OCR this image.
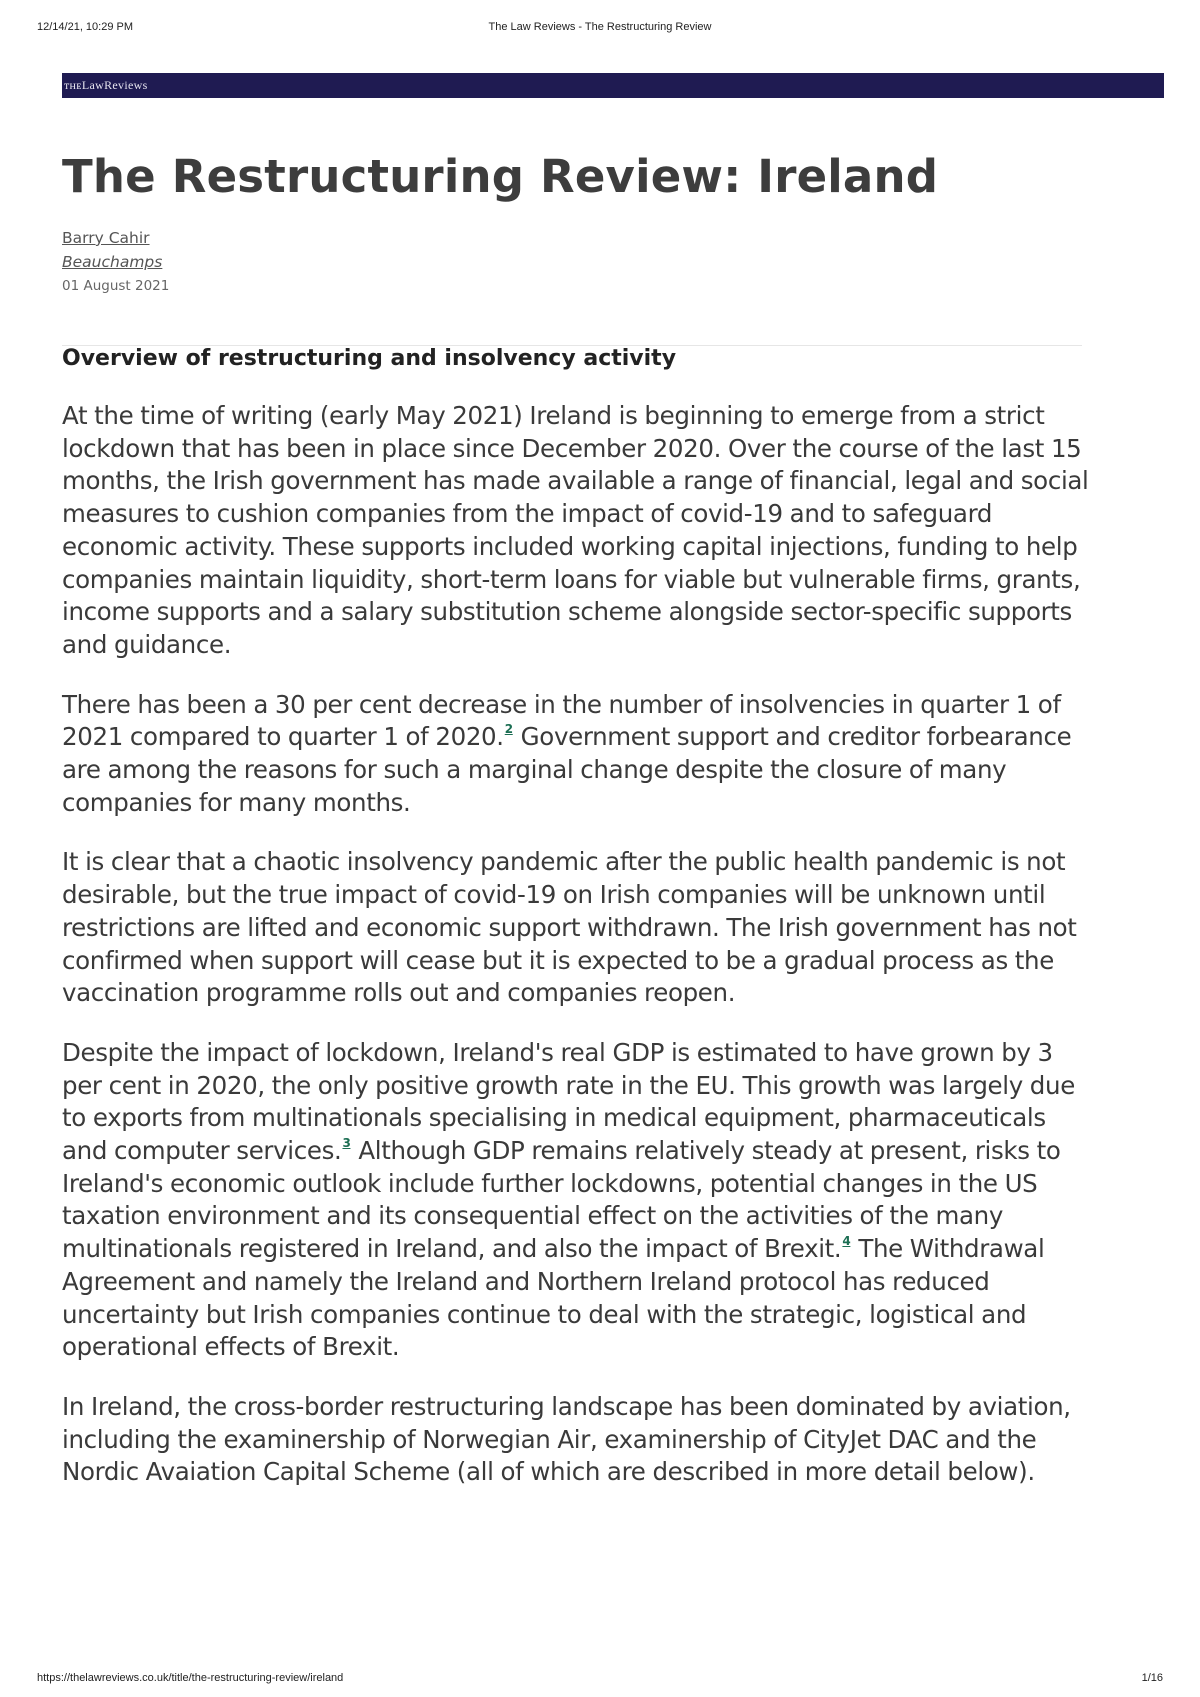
12/14/21, 10:29 PM	The Law Reviews - The Restructuring Review
ᴛʜᴇLawReviews
The Restructuring Review: Ireland
Barry Cahir
Beauchamps
01 August 2021
Overview of restructuring and insolvency activity

At the time of writing (early May 2021) Ireland is beginning to emerge from a strict lockdown that has been in place since December 2020. Over the course of the last 15 months, the Irish government has made available a range of financial, legal and social measures to cushion companies from the impact of covid-19 and to safeguard economic activity. These supports included working capital injections, funding to help companies maintain liquidity, short-term loans for viable but vulnerable firms, grants, income supports and a salary substitution scheme alongside sector-specific supports and guidance.

There has been a 30 per cent decrease in the number of insolvencies in quarter 1 of 2021 compared to quarter 1 of 2020.2 Government support and creditor forbearance are among the reasons for such a marginal change despite the closure of many companies for many months.

It is clear that a chaotic insolvency pandemic after the public health pandemic is not desirable, but the true impact of covid-19 on Irish companies will be unknown until restrictions are lifted and economic support withdrawn. The Irish government has not confirmed when support will cease but it is expected to be a gradual process as the vaccination programme rolls out and companies reopen.

Despite the impact of lockdown, Ireland's real GDP is estimated to have grown by 3 per cent in 2020, the only positive growth rate in the EU. This growth was largely due to exports from multinationals specialising in medical equipment, pharmaceuticals and computer services.3 Although GDP remains relatively steady at present, risks to Ireland's economic outlook include further lockdowns, potential changes in the US taxation environment and its consequential effect on the activities of the many multinationals registered in Ireland, and also the impact of Brexit.4 The Withdrawal Agreement and namely the Ireland and Northern Ireland protocol has reduced uncertainty but Irish companies continue to deal with the strategic, logistical and operational effects of Brexit.

In Ireland, the cross-border restructuring landscape has been dominated by aviation, including the examinership of Norwegian Air, examinership of CityJet DAC and the Nordic Avaiation Capital Scheme (all of which are described in more detail below).

https://thelawreviews.co.uk/title/the-restructuring-review/ireland	1/16
